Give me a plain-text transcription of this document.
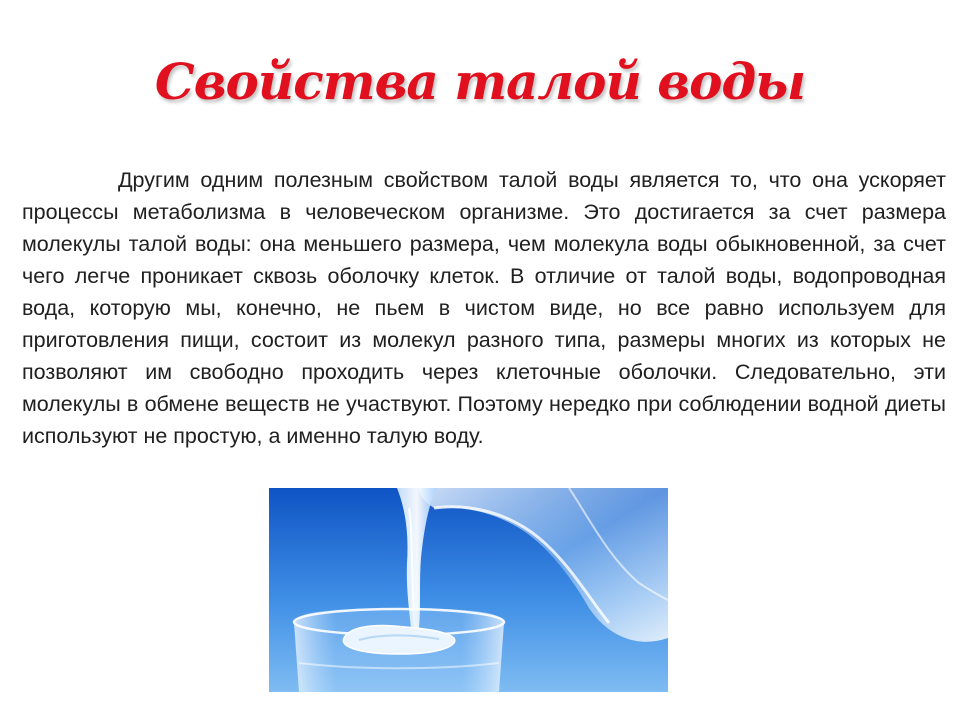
Свойства талой воды

Другим одним полезным свойством талой воды является то, что она ускоряет процессы метаболизма в человеческом организме. Это достигается за счет размера молекулы талой воды: она меньшего размера, чем молекула воды обыкновенной, за счет чего легче проникает сквозь оболочку клеток. В отличие от талой воды, водопроводная вода, которую мы, конечно, не пьем в чистом виде, но все равно используем для приготовления пищи, состоит из молекул разного типа, размеры многих из которых не позволяют им свободно проходить через клеточные оболочки. Следовательно, эти молекулы в обмене веществ не участвуют. Поэтому нередко при соблюдении водной диеты используют не простую, а именно талую воду.
